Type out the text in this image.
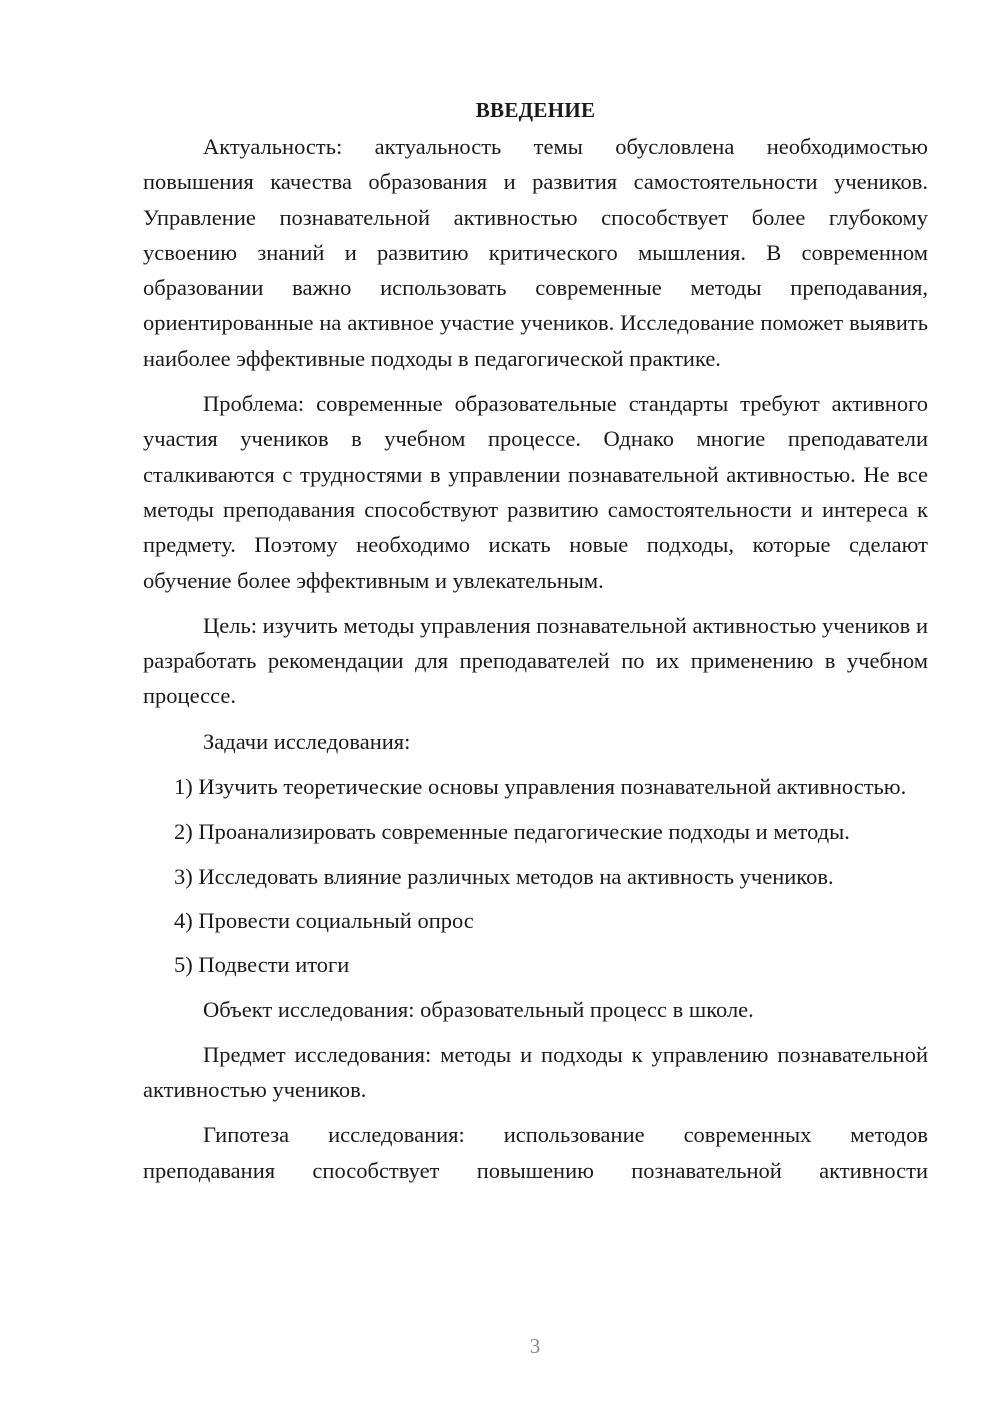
ВВЕДЕНИЕ

Актуальность: актуальность темы обусловлена необходимостью повышения качества образования и развития самостоятельности учеников. Управление познавательной активностью способствует более глубокому усвоению знаний и развитию критического мышления. В современном образовании важно использовать современные методы преподавания, ориентированные на активное участие учеников. Исследование поможет выявить наиболее эффективные подходы в педагогической практике.

Проблема: современные образовательные стандарты требуют активного участия учеников в учебном процессе. Однако многие преподаватели сталкиваются с трудностями в управлении познавательной активностью. Не все методы преподавания способствуют развитию самостоятельности и интереса к предмету. Поэтому необходимо искать новые подходы, которые сделают обучение более эффективным и увлекательным.

Цель: изучить методы управления познавательной активностью учеников и разработать рекомендации для преподавателей по их применению в учебном процессе.

Задачи исследования:

1) Изучить теоретические основы управления познавательной активностью.

2) Проанализировать современные педагогические подходы и методы.

3) Исследовать влияние различных методов на активность учеников.

4) Провести социальный опрос

5) Подвести итоги

Объект исследования: образовательный процесс в школе.

Предмет исследования: методы и подходы к управлению познавательной активностью учеников.

Гипотеза исследования: использование современных методов преподавания способствует повышению познавательной активности

3
